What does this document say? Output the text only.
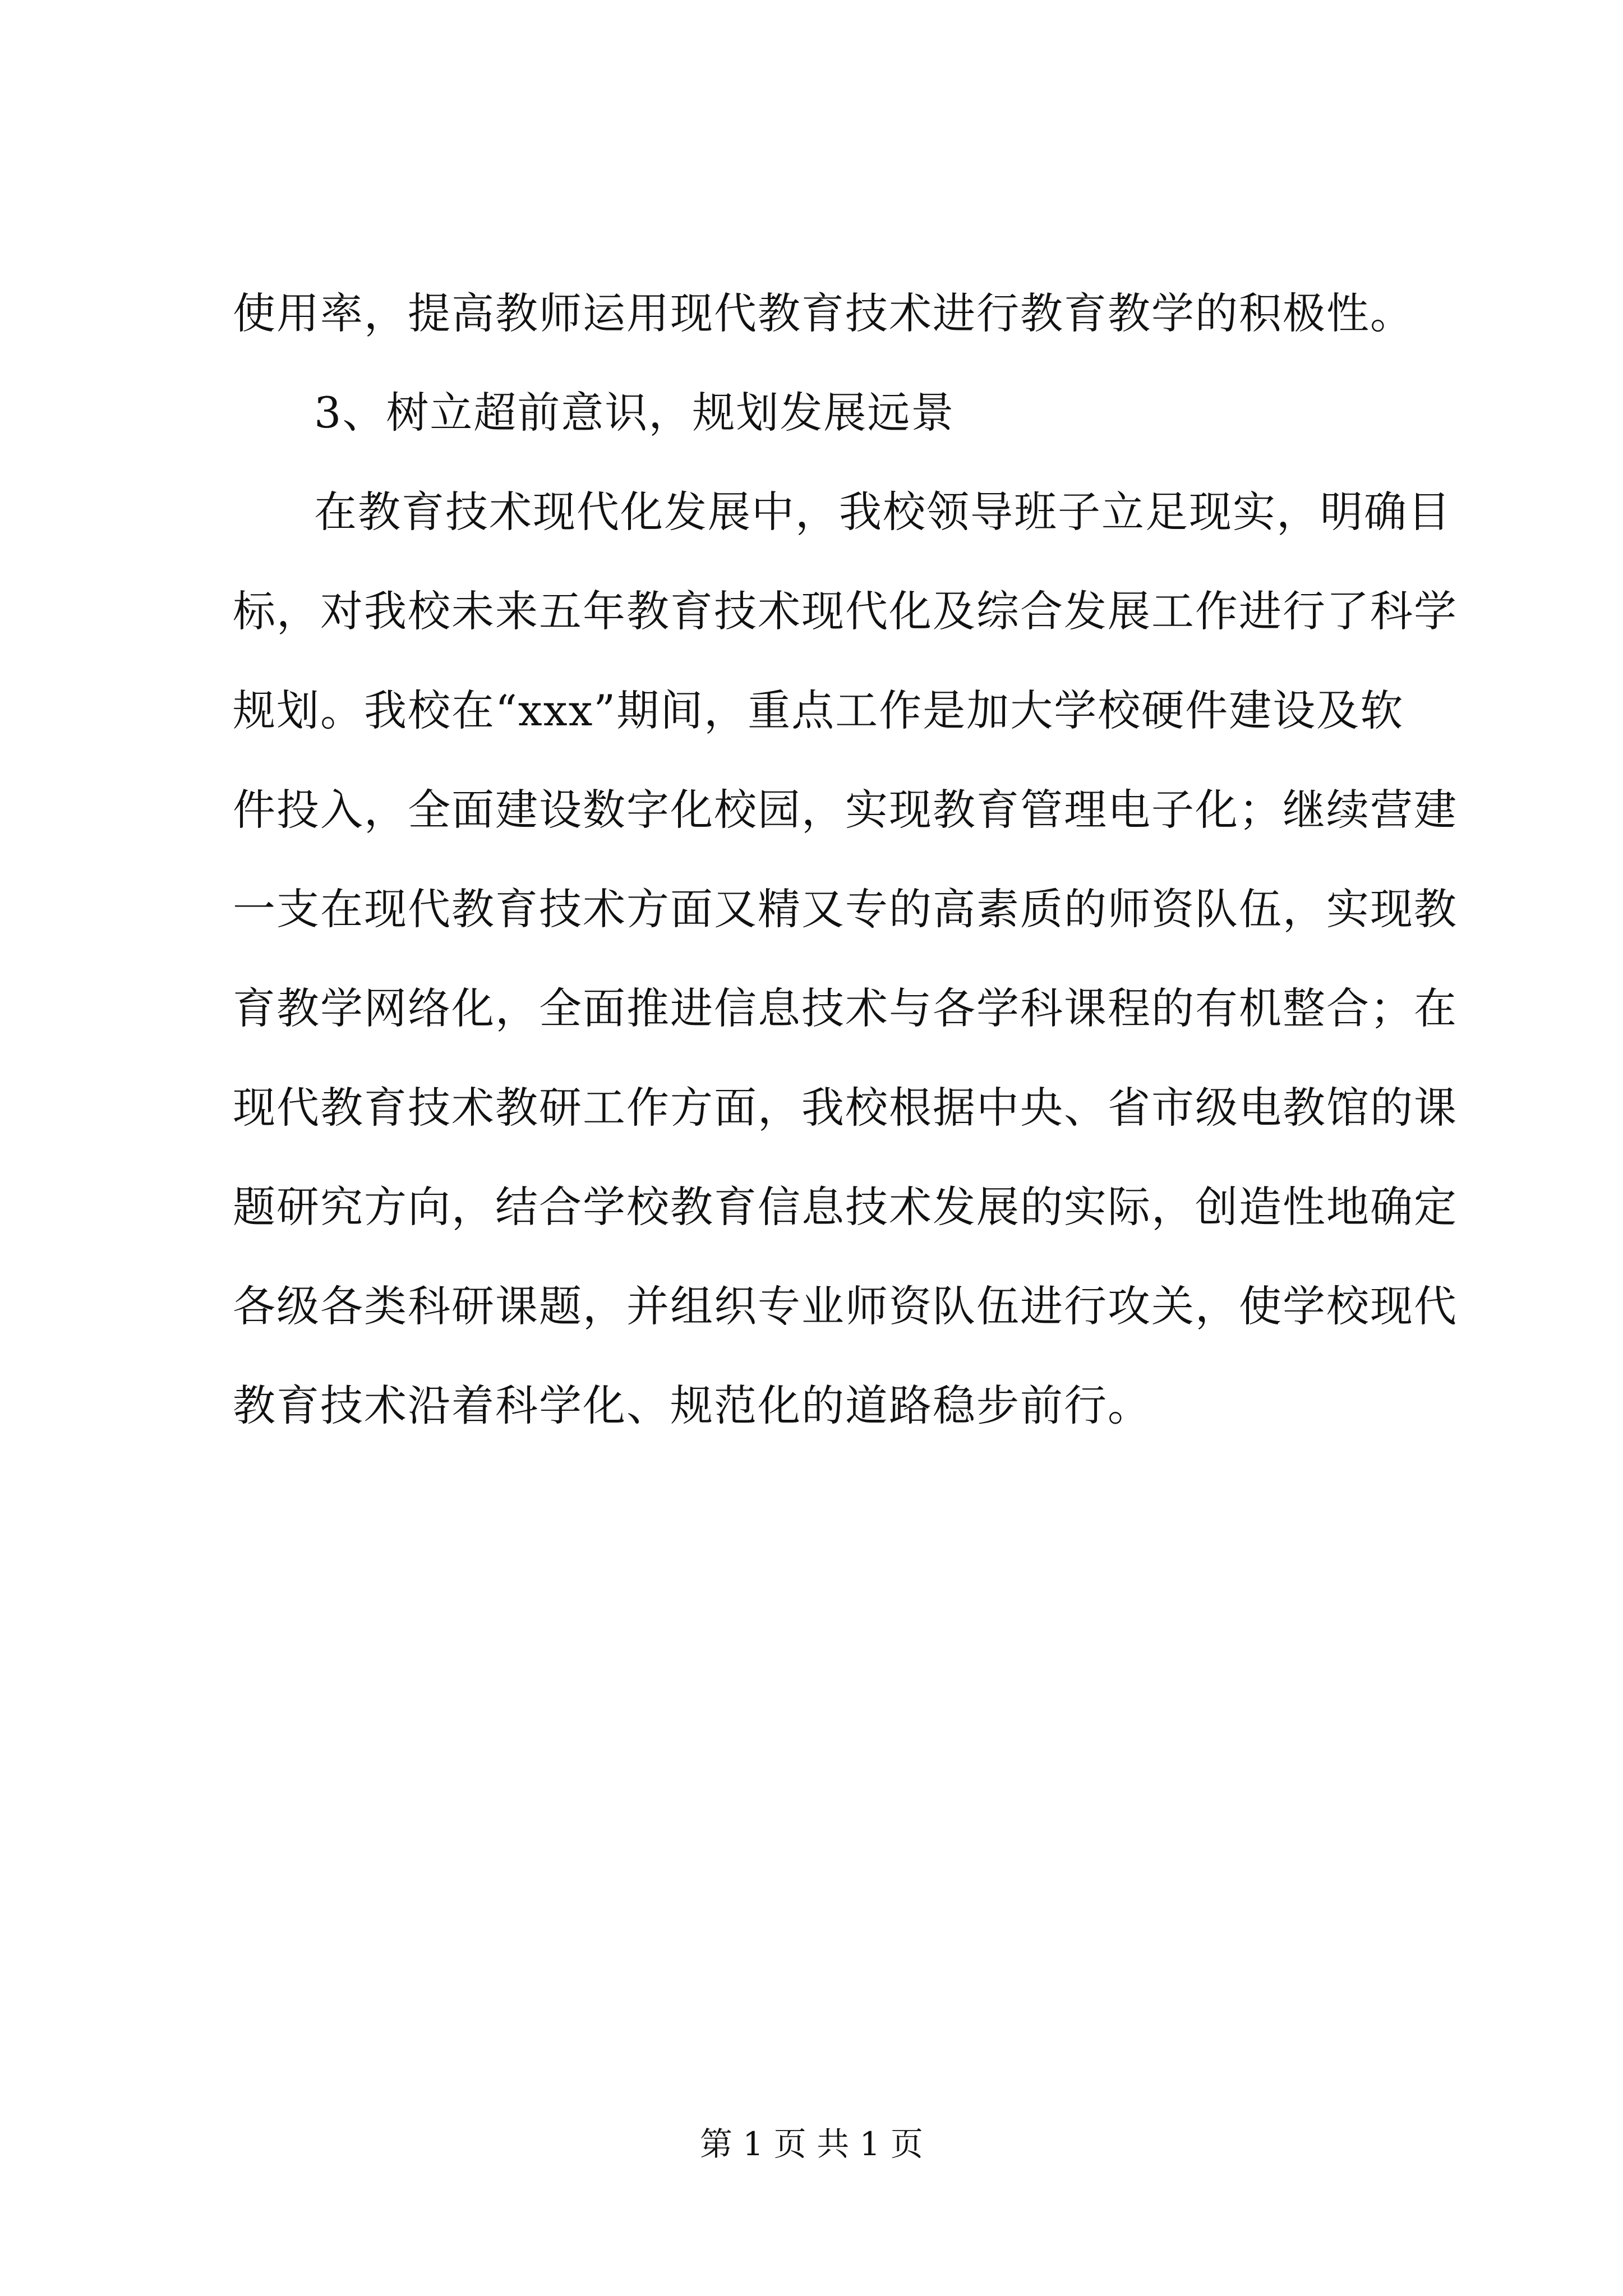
使用率，提高教师运用现代教育技术进行教育教学的积极性。
3、树立超前意识，规划发展远景
在教育技术现代化发展中，我校领导班子立足现实，明确目
标，对我校未来五年教育技术现代化及综合发展工作进行了科学
规划。我校在“xxx”期间，重点工作是加大学校硬件建设及软
件投入，全面建设数字化校园，实现教育管理电子化；继续营建
一支在现代教育技术方面又精又专的高素质的师资队伍，实现教
育教学网络化，全面推进信息技术与各学科课程的有机整合；在
现代教育技术教研工作方面，我校根据中央、省市级电教馆的课
题研究方向，结合学校教育信息技术发展的实际，创造性地确定
各级各类科研课题，并组织专业师资队伍进行攻关，使学校现代
教育技术沿着科学化、规范化的道路稳步前行。
第 1 页 共 1 页
